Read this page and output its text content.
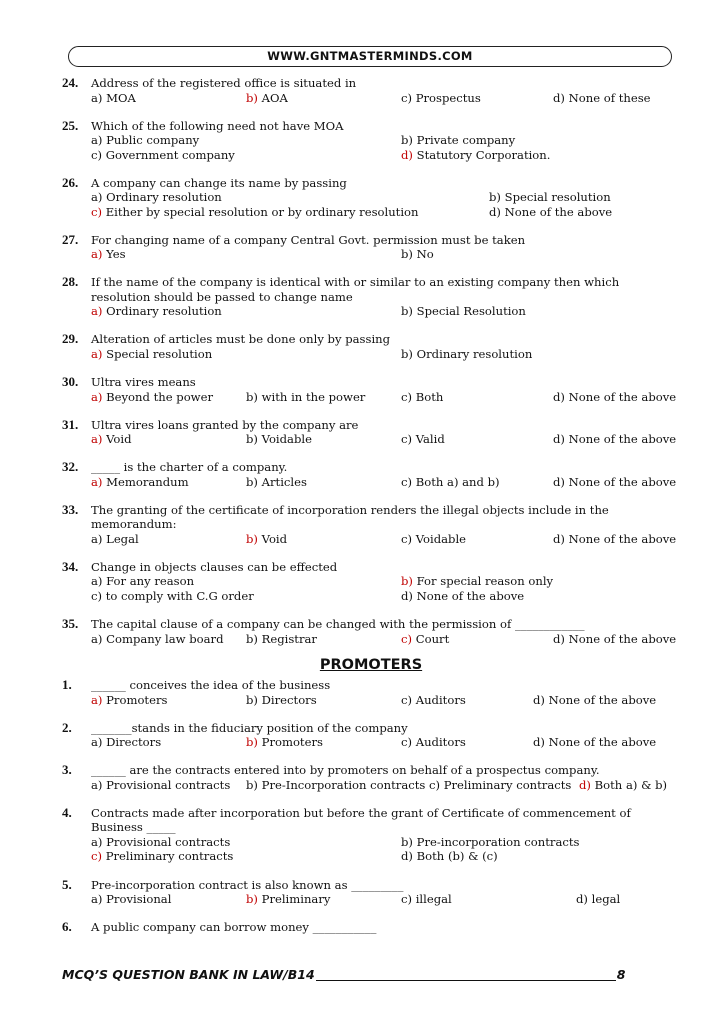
WWW.GNTMASTERMINDS.COM
24.	Address of the registered office is situated in
a) MOA	b) AOA	c) Prospectus	d) None of these
25.	Which of the following need not have MOA
a) Public company	b) Private company
c) Government company	d) Statutory Corporation.
26.	A company can change its name by passing
a) Ordinary resolution	b) Special resolution
c) Either by special resolution or by ordinary resolution	d) None of the above
27.	For changing name of a company Central Govt. permission must be taken
a) Yes	b) No
28.	If the name of the company is identical with or similar to an existing company then which
resolution should be passed to change name
a) Ordinary resolution	b) Special Resolution
29.	Alteration of articles must be done only by passing
a) Special resolution	b) Ordinary resolution
30.	Ultra vires means
a) Beyond the power	b) with in the power	c) Both	d) None of the above
31.	Ultra vires loans granted by the company are
a) Void	b) Voidable	c) Valid	d) None of the above
32.	_____ is the charter of a company.
a) Memorandum	b) Articles	c) Both a) and b)	d) None of the above
33.	The granting of the certificate of incorporation renders the illegal objects include in the
memorandum:
a) Legal	b) Void	c) Voidable	d) None of the above
34.	Change in objects clauses can be effected
a) For any reason	b) For special reason only
c) to comply with C.G order	d) None of the above
35.	The capital clause of a company can be changed with the permission of ____________
a) Company law board b) Registrar	c) Court	d) None of the above
PROMOTERS
1.	______ conceives the idea of the business
a) Promoters	b) Directors	c) Auditors	d) None of the above
2.	_______stands in the fiduciary position of the company
a) Directors	b) Promoters	c) Auditors	d) None of the above
3.	______ are the contracts entered into by promoters on behalf of a prospectus company.
a) Provisional contracts b) Pre-Incorporation contracts c) Preliminary contracts d) Both a) & b)
4.	Contracts made after incorporation but before the grant of Certificate of commencement of
Business _____
a) Provisional contracts	b) Pre-incorporation contracts
c) Preliminary contracts	d) Both (b) & (c)
5.	Pre-incorporation contract is also known as _________
a) Provisional	b) Preliminary	c) illegal	d) legal
6.	A public company can borrow money ___________
MCQ’S QUESTION BANK IN LAW/B14	8
